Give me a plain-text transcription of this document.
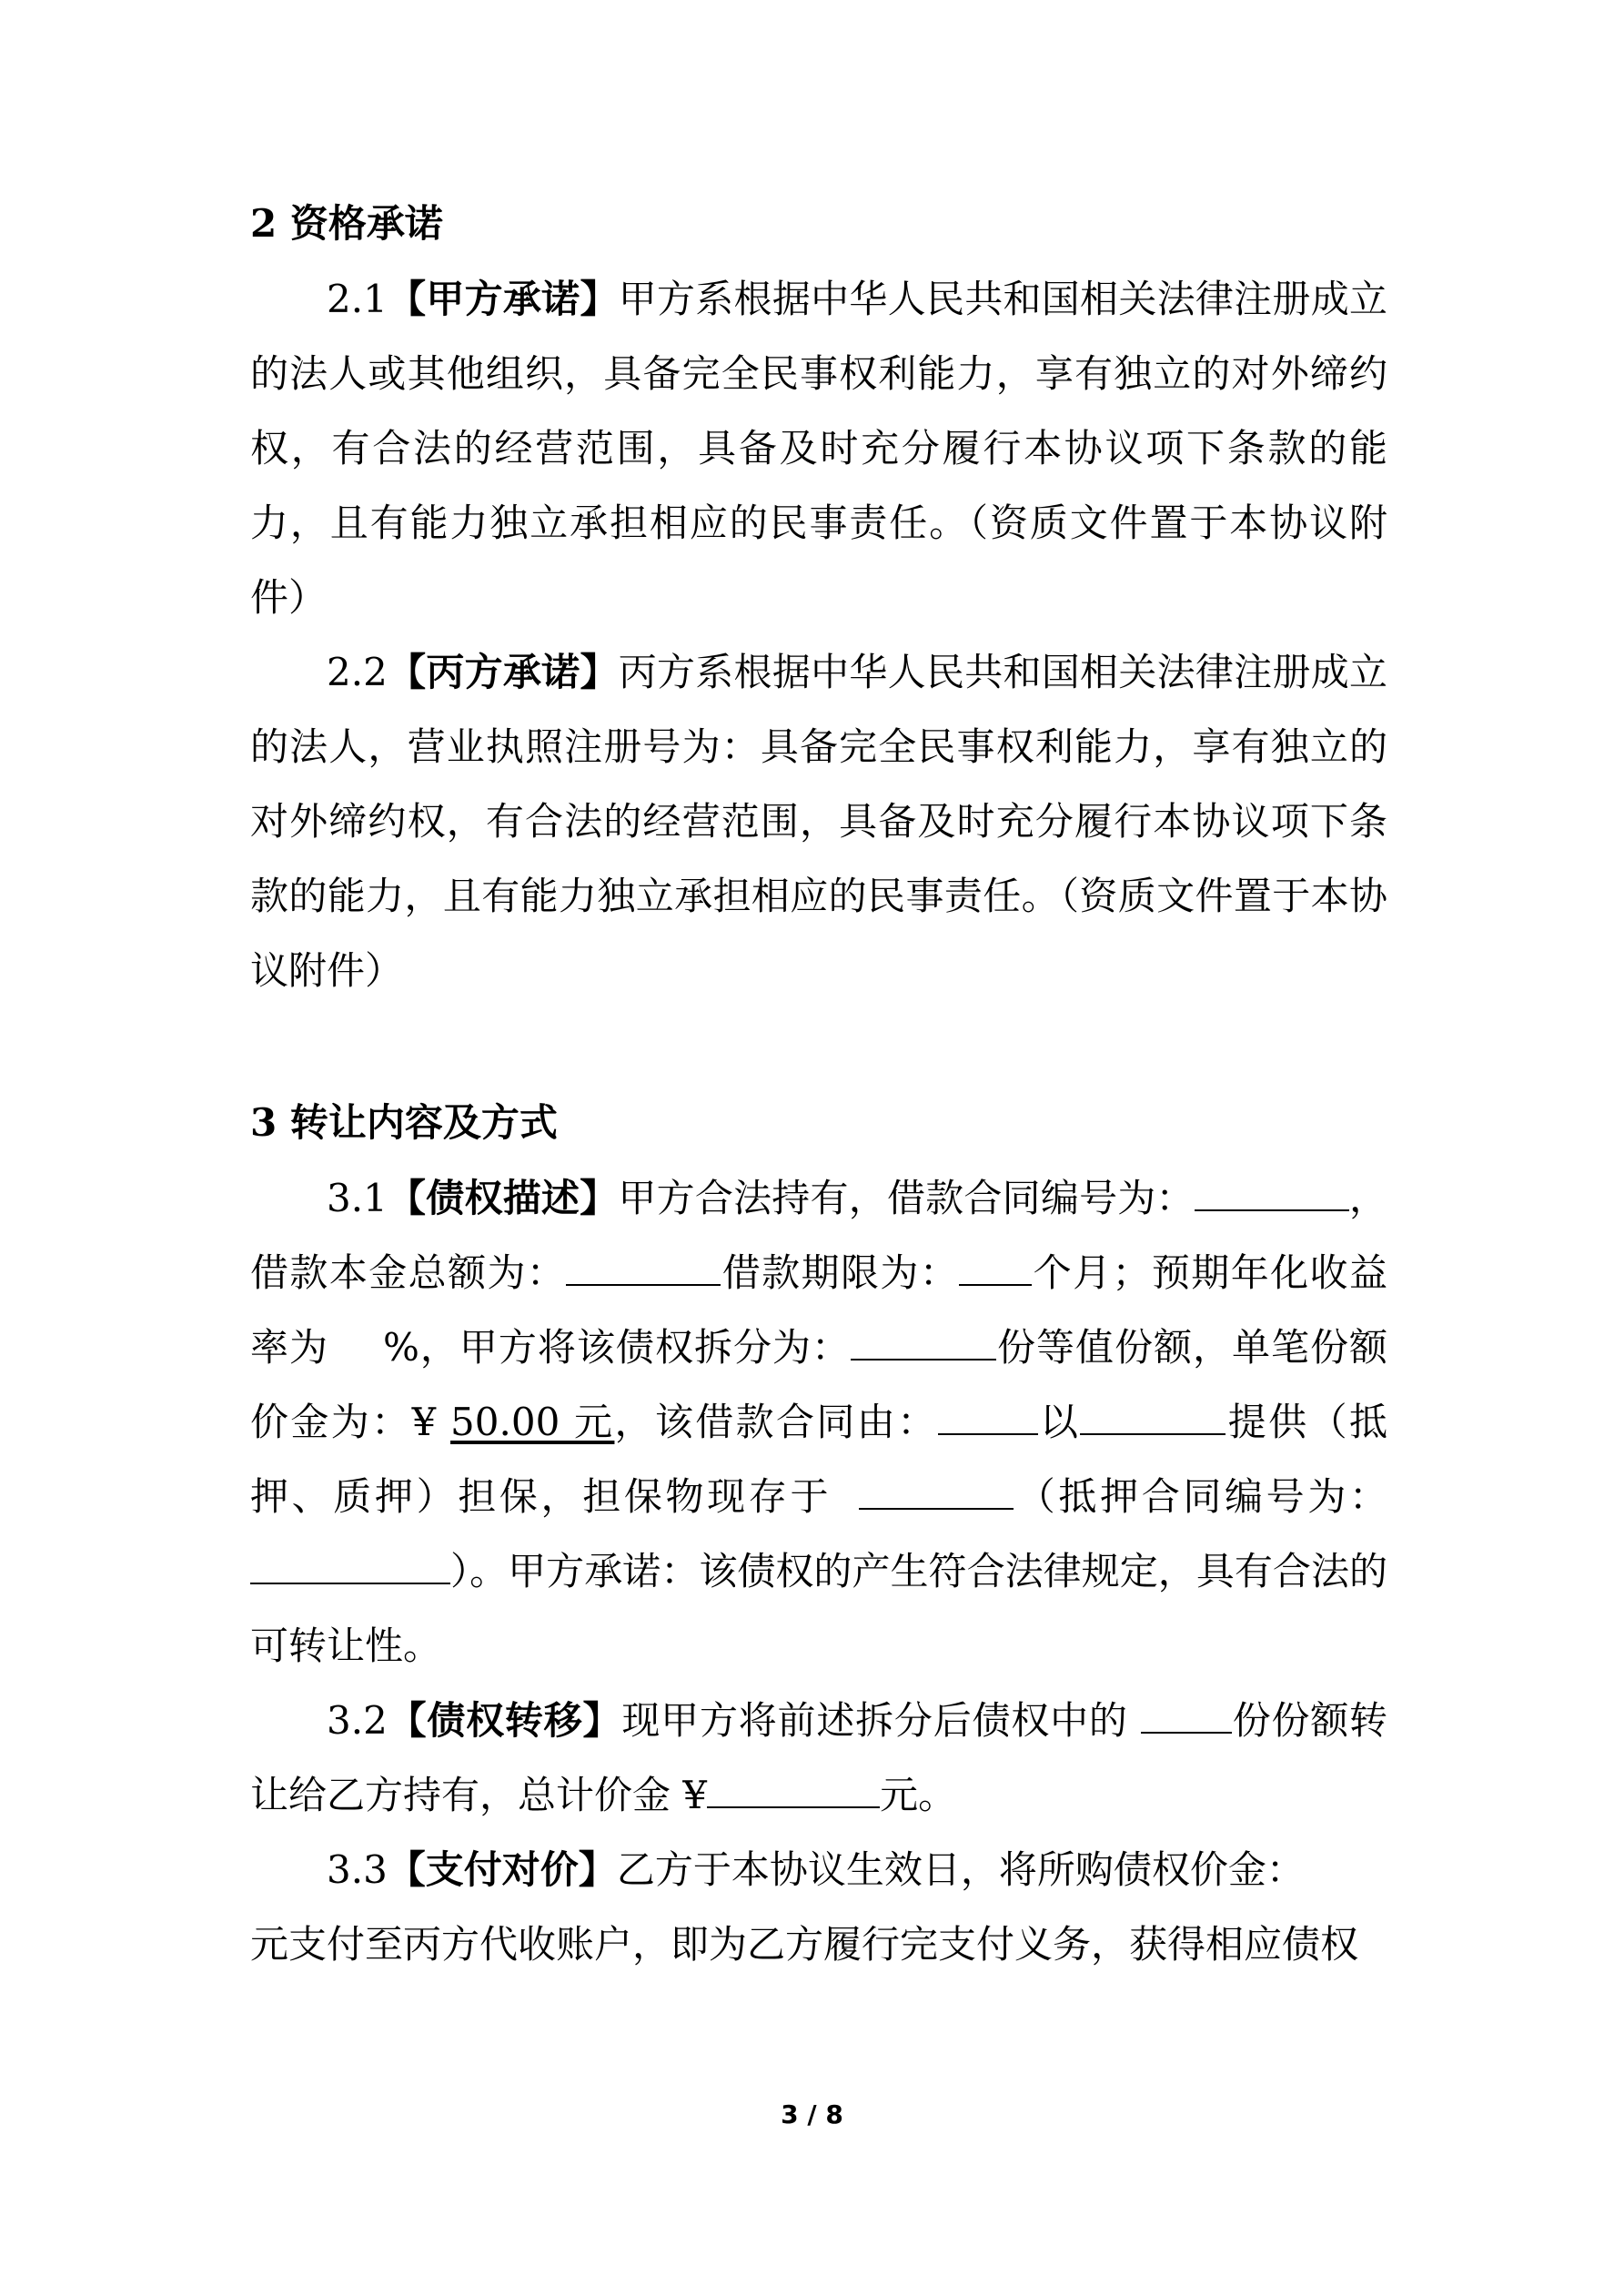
2 资格承诺
2.1【甲方承诺】甲方系根据中华人民共和国相关法律注册成立的法人或其他组织，具备完全民事权利能力，享有独立的对外缔约权，有合法的经营范围，具备及时充分履行本协议项下条款的能力，且有能力独立承担相应的民事责任。（资质文件置于本协议附件）
2.2【丙方承诺】丙方系根据中华人民共和国相关法律注册成立的法人，营业执照注册号为：具备完全民事权利能力，享有独立的对外缔约权，有合法的经营范围，具备及时充分履行本协议项下条款的能力，且有能力独立承担相应的民事责任。（资质文件置于本协议附件）
3 转让内容及方式
3.1【债权描述】甲方合法持有，借款合同编号为：	，借款本金总额为：	借款期限为： 个月；预期年化收益率为 %，甲方将该债权拆分为：	份等值份额，单笔份额价金为：¥ 50.00 元，该借款合同由：	以	提供（抵押、质押）担保，担保物现存于	（抵押合同编号为：）。甲方承诺：该债权的产生符合法律规定，具有合法的可转让性。
3.2【债权转移】现甲方将前述拆分后债权中的 份份额转让给乙方持有，总计价金 ¥	元。
3.3【支付对价】乙方于本协议生效日，将所购债权价金：
元支付至丙方代收账户，即为乙方履行完支付义务，获得相应债权
3 / 8
